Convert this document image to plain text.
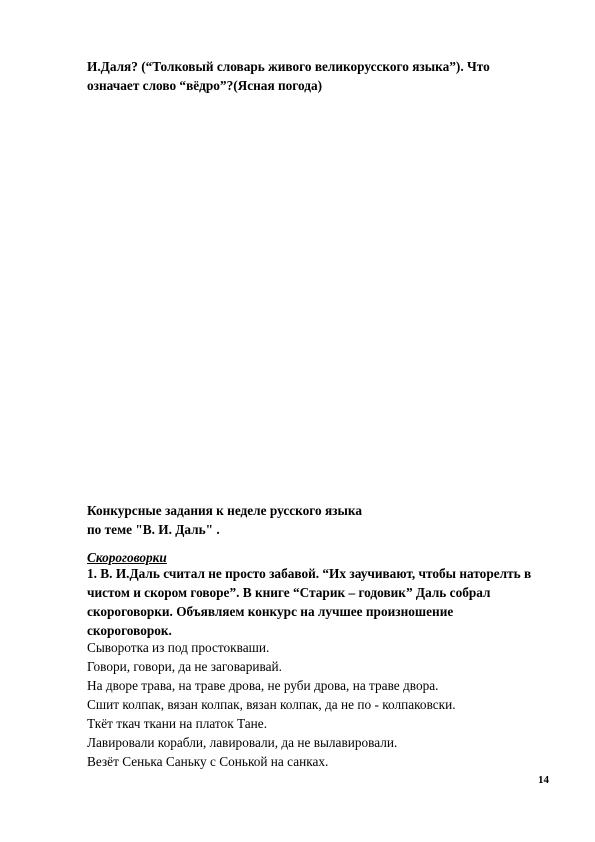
И.Даля? (“Толковый словарь живого великорусского языка”). Что
означает слово “вёдро”?(Ясная погода)
Конкурсные задания к неделе русского языка
по теме "В. И. Даль" .
Скороговорки
1. В. И.Даль считал не просто забавой. “Их заучивают, чтобы наторелть в
чистом и скором говоре”. В книге “Старик – годовик” Даль собрал
скороговорки. Объявляем конкурс на лучшее произношение
скороговорок.
Сыворотка из под простокваши.
Говори, говори, да не заговаривай.
На дворе трава, на траве дрова, не руби дрова, на траве двора.
Сшит колпак, вязан колпак, вязан колпак, да не по - колпаковски.
Ткёт ткач ткани на платок Тане.
Лавировали корабли, лавировали, да не вылавировали.
Везёт Сенька Саньку с Сонькой на санках.
14
